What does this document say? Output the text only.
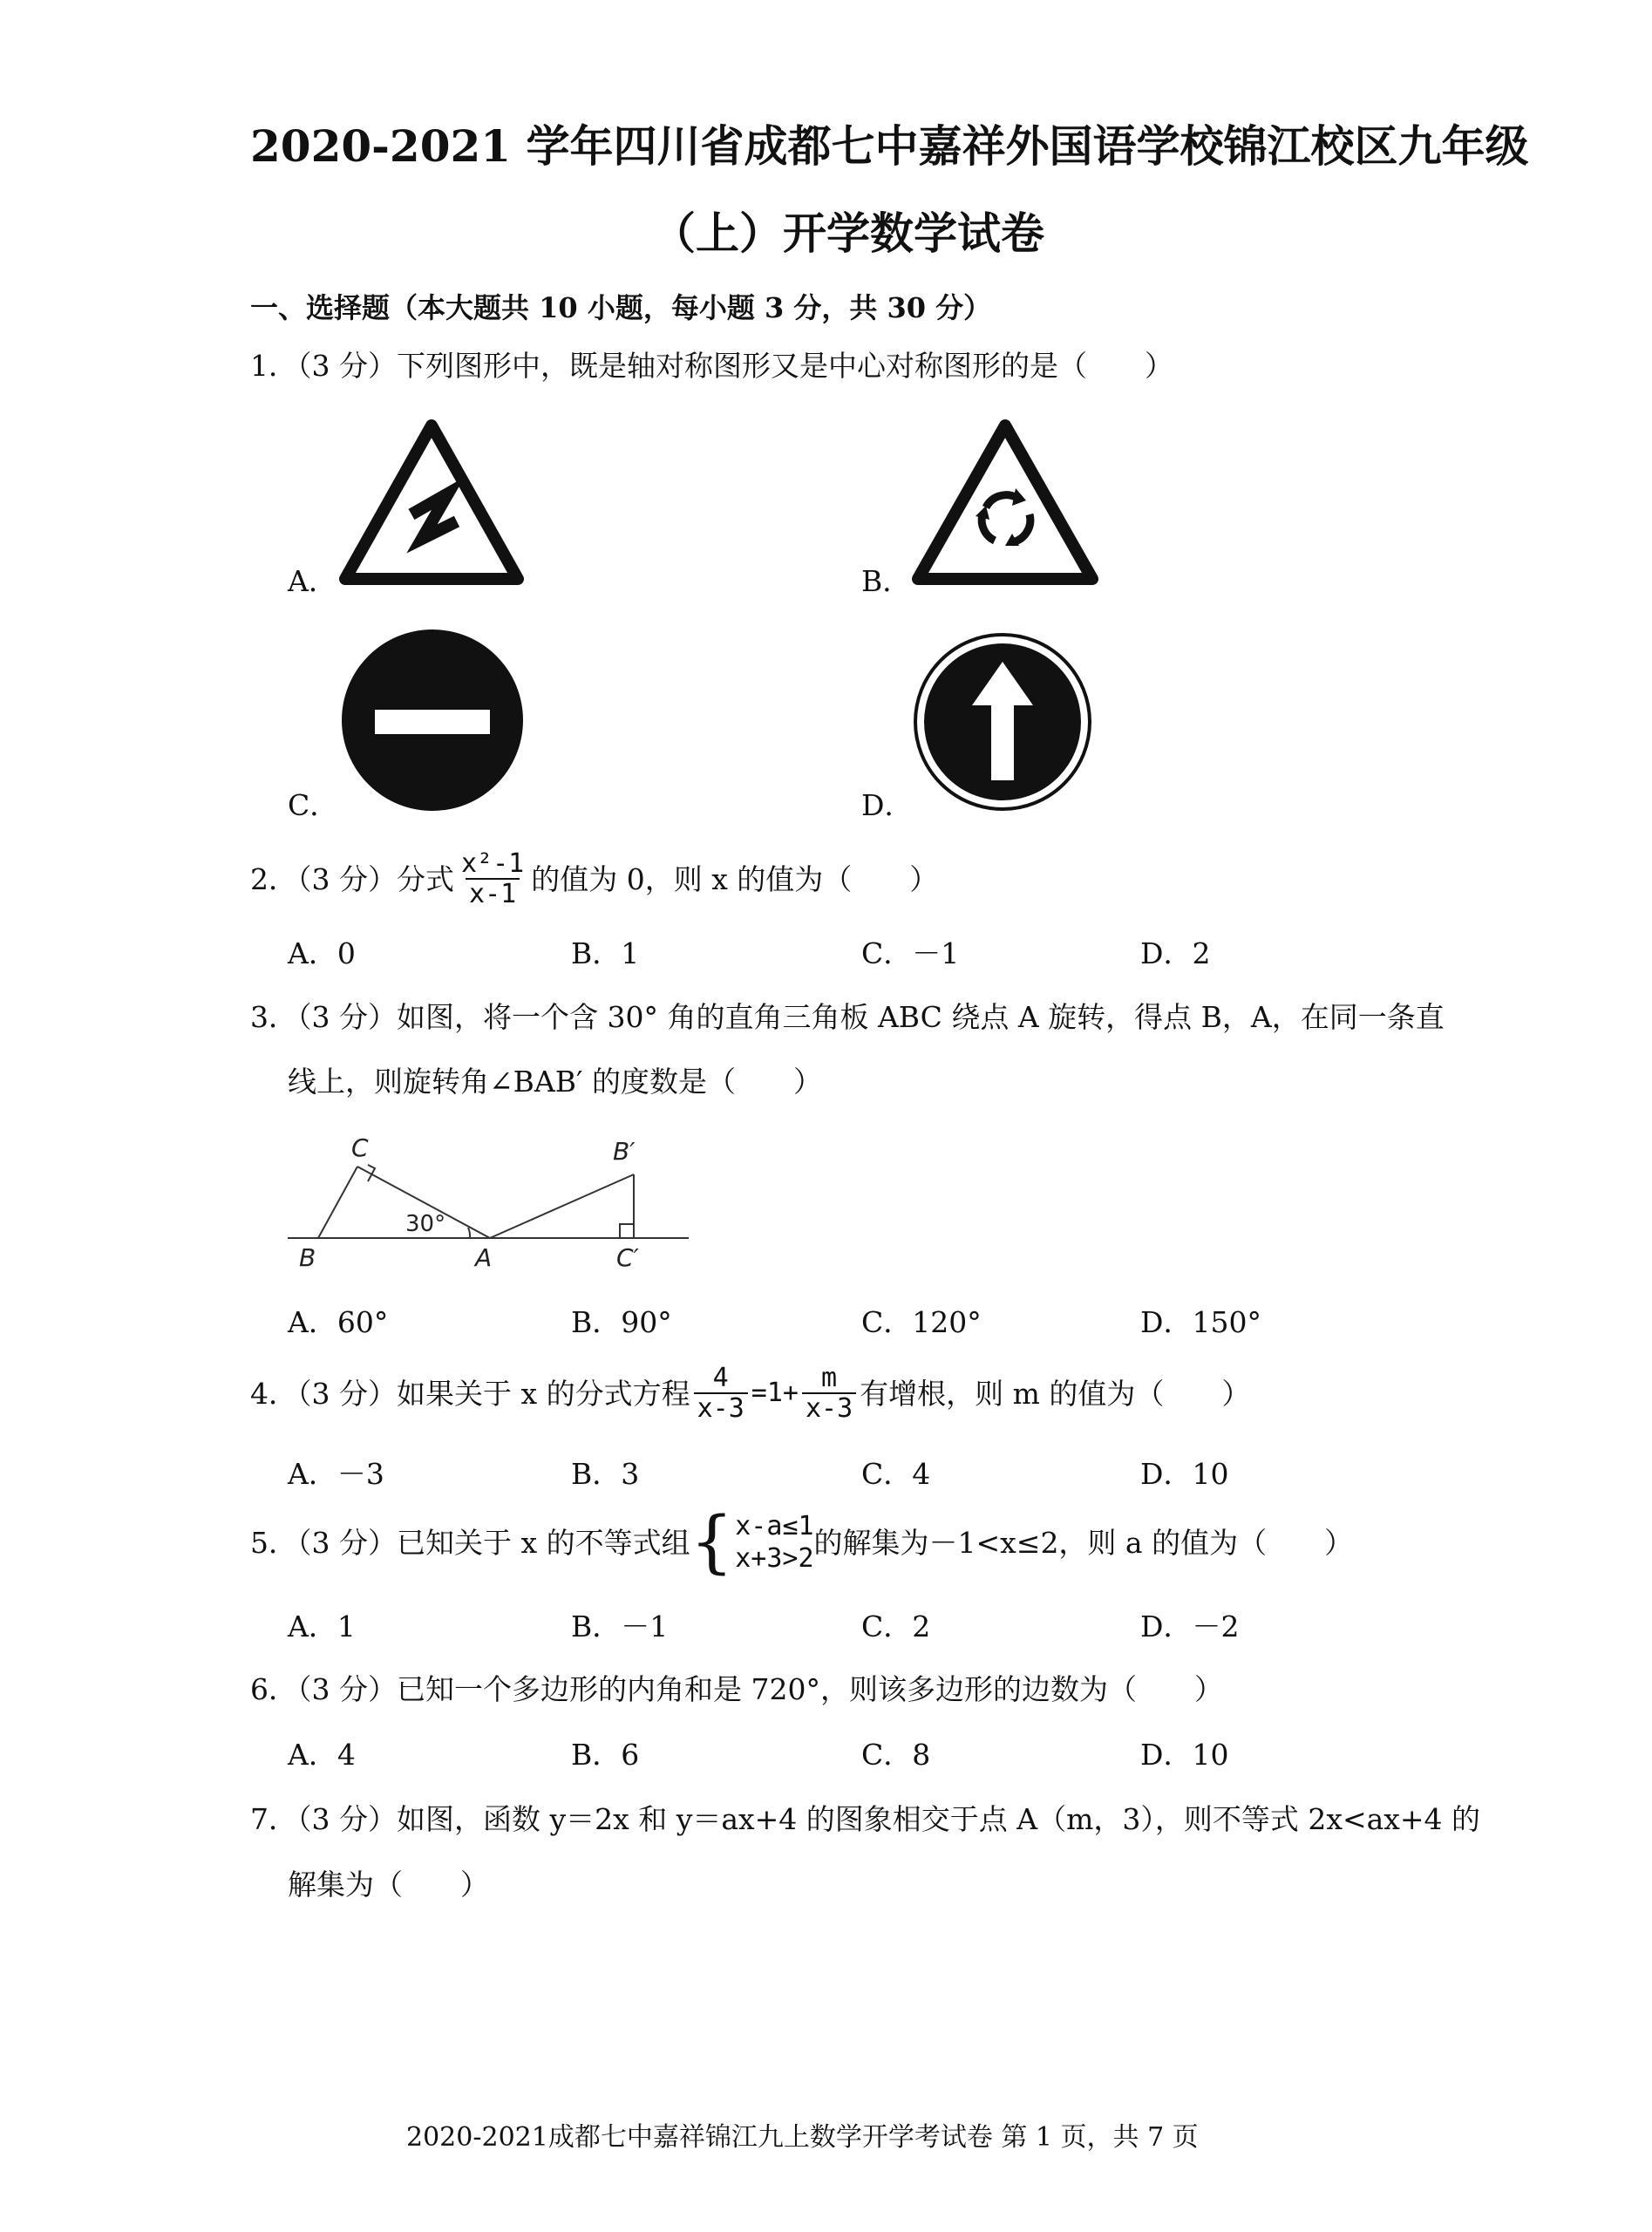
2020-2021 学年四川省成都七中嘉祥外国语学校锦江校区九年级
（上）开学数学试卷
一、选择题（本大题共 10 小题，每小题 3 分，共 30 分）
1．（3 分）下列图形中，既是轴对称图形又是中心对称图形的是（　　）
A．	B．
C．	D．
2．（3 分）分式 $\frac{\text{x²-1}}{x-1}$ 的值为 0，则 x 的值为（　　）
A．0	B．1	C．－1	D．2
3．（3 分）如图，将一个含 30° 角的直角三角板 ABC 绕点 A 旋转，得点 B，A，在同一条直
线上，则旋转角∠BAB′ 的度数是（　　）
C
B	A
30°
B′
C′
A．60°	B．90°	C．120°	D．150°
4．（3 分）如果关于 x 的分式方程 $\frac{4}{x-3} =1+ \frac{m}{x-3}$ 有增根，则 m 的值为（　　）
A．－3	B．3	C．4	D．10
5．（3 分）已知关于 x 的不等式组 { x-a≤1
x+3>2 的解集为－1<x≤2，则 a 的值为（　　）
A．1	B．－1	C．2	D．－2
6．（3 分）已知一个多边形的内角和是 720°，则该多边形的边数为（　　）
A．4	B．6	C．8	D．10
7．（3 分）如图，函数 y＝2x 和 y＝ax+4 的图象相交于点 A（m，3），则不等式 2x<ax+4 的
解集为（　　）
2020-2021成都七中嘉祥锦江九上数学开学考试卷 第 1 页，共 7 页
